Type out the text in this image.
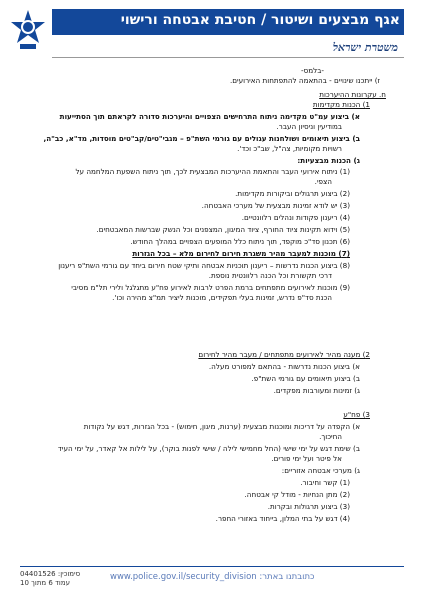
אגף מבצעים ושיטור / חטיבת אבטחה ורישוי
משטרת ישראל
-בלמס-
ז) ייתכנו שינויים - בהתאמה להתפתחות האירועים.
ח. עקרונות ההיערכות
1) הכנות מקדימות
א) ביצוע עמ"ט מקדימה ניתוח התרחישים הצפויים והיערכות סדורה לקראתם תוך הסתייעות
במודיעין וניסיון העבר.
ב) ביצוע תיאומים ושולחנות עגולים עם גורמי השת"פ – מגבי"טים/קב"טים מוסדות, מד"א, כב"ה,
רשויות מקומיות, צה"ל, שב"כ וכד'.
ג) הכנות מבצעיות:
(1) ניתוח אירועי העבר והתאמת ההיערכות המבצעית לכך, תוך ניתוח השפעת המלחמה על
הצפי.
(2) ביצוע תרגולים וביקורות מקדימות.
(3) יש לודא זמינות מבצעית של מערכי האבטחה.
(4) ריענון פקודות ונהלים רלוונטיים.
(5) וידוא תקינות ציוד החורף, ציוד המיגון, המצפנים וכל הנשק שברשות המאבטחים.
(6) תכנון סד"כ מוקפד, תוך ניתוח כלל המופעים הצפויים במהלך החודש.
(7) מוכנות למעבר מהיר משגרת חירום לחירום מלא – בכל הגזרות
(8) ביצוע הכנות נדרשות – ריענון תוכניות אבטחה ותיקי שטח חירום ביחד עם גורמי השת"פ ריענון
דרכי תקשורת וכל הכנה רלוונטית נוספת.
(9) מוכנות לאירועים מתפתחים ברמת הפרט לרבות לאירוע פח"ע מתגלגל ולירי תל"מ מסיבי
הכנת סד"פ נדרש, זמינות בעלי תפקידים, מוכנות ליציר תמ"צ מהירה וכו'.
2) מענה מהיר לאירועים מתפתחים / מעבר מהיר לחירום
א) ביצוע הכנות נדרשות - בהתאם למפורט מעלה.
ב) ביצוע תיאומים עם גורמי השת"פ.
ג) זמינות ומעורבות מפקדים.
3) פח"ע
א) הקפדה על דריכות ומוכנות מבצעית (ערנות, מיגון, חימוש) - בכל הגזרות, דגש על נקודות
החיכוך.
ב) שימת דגש על ימי שישי (החל מחמישי לילה / שישי לפנות בוקר), על לילות אל קאדר, על ימי העיד
אל פיטר ועל ימי פורים.
ג) מערכי אבטחה אזוריים:
(1) קשר וחיבור.
(2) מתן הנחיות - מודל קי אבטחה.
(3) ביצוע תרגולות ובקרות.
(4) דגש על בתי המלון, בייחוד באזורי החפר.
www.police.gov.il/security_division :כתובתנו באתר
סימוכין: 04401526
עמוד 6 מתוך 10
